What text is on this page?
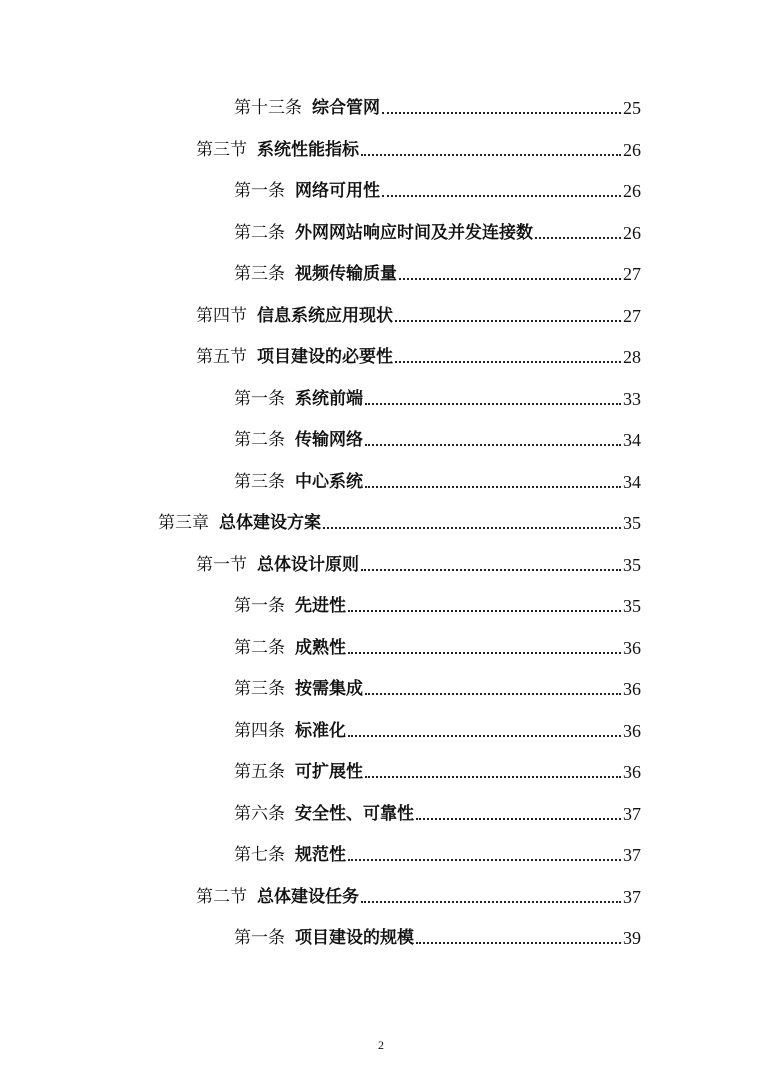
第十三条 综合管网	25
第三节 系统性能指标	26
第一条 网络可用性	26
第二条 外网网站响应时间及并发连接数	26
第三条 视频传输质量	27
第四节 信息系统应用现状	27
第五节 项目建设的必要性	28
第一条 系统前端	33
第二条 传输网络	34
第三条 中心系统	34
第三章 总体建设方案	35
第一节 总体设计原则	35
第一条 先进性	35
第二条 成熟性	36
第三条 按需集成	36
第四条 标准化	36
第五条 可扩展性	36
第六条 安全性、可靠性	37
第七条 规范性	37
第二节 总体建设任务	37
第一条 项目建设的规模	39
2
